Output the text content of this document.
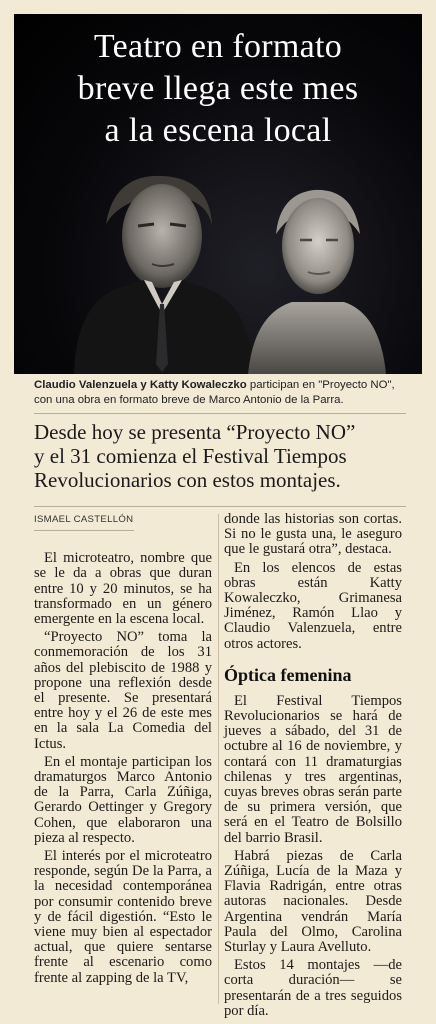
Teatro en formato
breve llega este mes
a la escena local
Claudio Valenzuela y Katty Kowaleczko participan en "Proyecto NO", con una obra en formato breve de Marco Antonio de la Parra.
Desde hoy se presenta “Proyecto NO”
y el 31 comienza el Festival Tiempos
Revolucionarios con estos montajes.
ISMAEL CASTELLÓN

El microteatro, nombre que se le da a obras que duran entre 10 y 20 minutos, se ha transformado en un género emergente en la escena local.

“Proyecto NO” toma la conmemoración de los 31 años del plebiscito de 1988 y propone una reflexión desde el presente. Se presentará entre hoy y el 26 de este mes en la sala La Comedia del Ictus.

En el montaje participan los dramaturgos Marco Antonio de la Parra, Carla Zúñiga, Gerardo Oettinger y Gregory Cohen, que elaboraron una pieza al respecto.

El interés por el microteatro responde, según De la Parra, a la necesidad contemporánea por consumir contenido breve y de fácil digestión. “Esto le viene muy bien al espectador actual, que quiere sentarse frente al escenario como frente al zapping de la TV,

donde las historias son cortas. Si no le gusta una, le aseguro que le gustará otra”, destaca.

En los elencos de estas obras están Katty Kowaleczko, Grimanesa Jiménez, Ramón Llao y Claudio Valenzuela, entre otros actores.

Óptica femenina

El Festival Tiempos Revolucionarios se hará de jueves a sábado, del 31 de octubre al 16 de noviembre, y contará con 11 dramaturgias chilenas y tres argentinas, cuyas breves obras serán parte de su primera versión, que será en el Teatro de Bolsillo del barrio Brasil.

Habrá piezas de Carla Zúñiga, Lucía de la Maza y Flavia Radrigán, entre otras autoras nacionales. Desde Argentina vendrán María Paula del Olmo, Carolina Sturlay y Laura Avelluto.

Estos 14 montajes —de corta duración— se presentarán de a tres seguidos por día.
